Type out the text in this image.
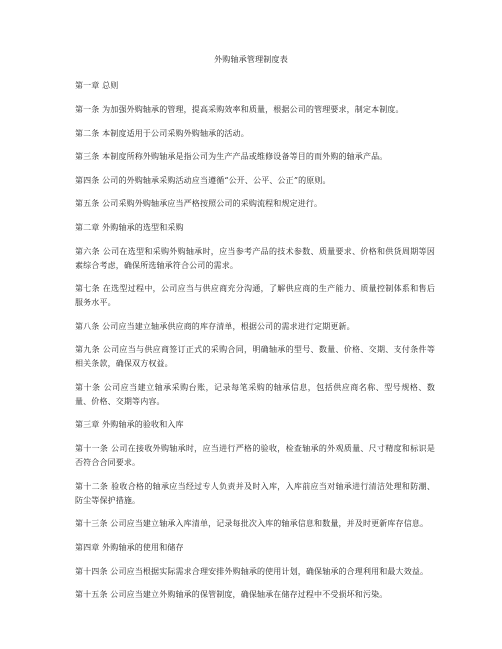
外购轴承管理制度表

第一章 总则

第一条 为加强外购轴承的管理，提高采购效率和质量，根据公司的管理要求，制定本制度。

第二条 本制度适用于公司采购外购轴承的活动。

第三条 本制度所称外购轴承是指公司为生产产品或维修设备等目的而外购的轴承产品。

第四条 公司的外购轴承采购活动应当遵循“公开、公平、公正”的原则。

第五条 公司采购外购轴承应当严格按照公司的采购流程和规定进行。

第二章 外购轴承的选型和采购

第六条 公司在选型和采购外购轴承时，应当参考产品的技术参数、质量要求、价格和供货周期等因素综合考虑，确保所选轴承符合公司的需求。

第七条 在选型过程中，公司应当与供应商充分沟通，了解供应商的生产能力、质量控制体系和售后服务水平。

第八条 公司应当建立轴承供应商的库存清单，根据公司的需求进行定期更新。

第九条 公司应当与供应商签订正式的采购合同，明确轴承的型号、数量、价格、交期、支付条件等相关条款，确保双方权益。

第十条 公司应当建立轴承采购台账，记录每笔采购的轴承信息，包括供应商名称、型号规格、数量、价格、交期等内容。

第三章 外购轴承的验收和入库

第十一条 公司在接收外购轴承时，应当进行严格的验收，检查轴承的外观质量、尺寸精度和标识是否符合合同要求。

第十二条 验收合格的轴承应当经过专人负责并及时入库，入库前应当对轴承进行清洁处理和防潮、防尘等保护措施。

第十三条 公司应当建立轴承入库清单，记录每批次入库的轴承信息和数量，并及时更新库存信息。

第四章 外购轴承的使用和储存

第十四条 公司应当根据实际需求合理安排外购轴承的使用计划，确保轴承的合理利用和最大效益。

第十五条 公司应当建立外购轴承的保管制度，确保轴承在储存过程中不受损坏和污染。
